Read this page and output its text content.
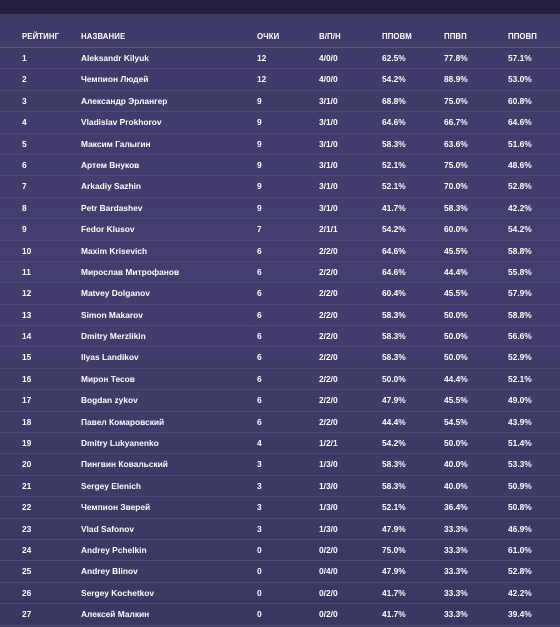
РЕЙТИНГ	НАЗВАНИЕ	ОЧКИ	В/П/Н	ППОВМ	ППВП	ППОВП
1	Aleksandr Kilyuk	12	4/0/0	62.5%	77.8%	57.1%
2	Чемпион Людей	12	4/0/0	54.2%	88.9%	53.0%
3	Александр Эрлангер	9	3/1/0	68.8%	75.0%	60.8%
4	Vladislav Prokhorov	9	3/1/0	64.6%	66.7%	64.6%
5	Максим Галыгин	9	3/1/0	58.3%	63.6%	51.6%
6	Артем Внуков	9	3/1/0	52.1%	75.0%	48.6%
7	Arkadiy Sazhin	9	3/1/0	52.1%	70.0%	52.8%
8	Petr Bardashev	9	3/1/0	41.7%	58.3%	42.2%
9	Fedor Klusov	7	2/1/1	54.2%	60.0%	54.2%
10	Maxim Krisevich	6	2/2/0	64.6%	45.5%	58.8%
11	Мирослав Митрофанов	6	2/2/0	64.6%	44.4%	55.8%
12	Matvey Dolganov	6	2/2/0	60.4%	45.5%	57.9%
13	Simon Makarov	6	2/2/0	58.3%	50.0%	58.8%
14	Dmitry Merzlikin	6	2/2/0	58.3%	50.0%	56.6%
15	Ilyas Landikov	6	2/2/0	58.3%	50.0%	52.9%
16	Мирон Тесов	6	2/2/0	50.0%	44.4%	52.1%
17	Bogdan zykov	6	2/2/0	47.9%	45.5%	49.0%
18	Павел Комаровский	6	2/2/0	44.4%	54.5%	43.9%
19	Dmitry Lukyanenko	4	1/2/1	54.2%	50.0%	51.4%
20	Пингвин Ковальский	3	1/3/0	58.3%	40.0%	53.3%
21	Sergey Elenich	3	1/3/0	58.3%	40.0%	50.9%
22	Чемпион Зверей	3	1/3/0	52.1%	36.4%	50.8%
23	Vlad Safonov	3	1/3/0	47.9%	33.3%	46.9%
24	Andrey Pchelkin	0	0/2/0	75.0%	33.3%	61.0%
25	Andrey Blinov	0	0/4/0	47.9%	33.3%	52.8%
26	Sergey Kochetkov	0	0/2/0	41.7%	33.3%	42.2%
27	Алексей Малкин	0	0/2/0	41.7%	33.3%	39.4%
